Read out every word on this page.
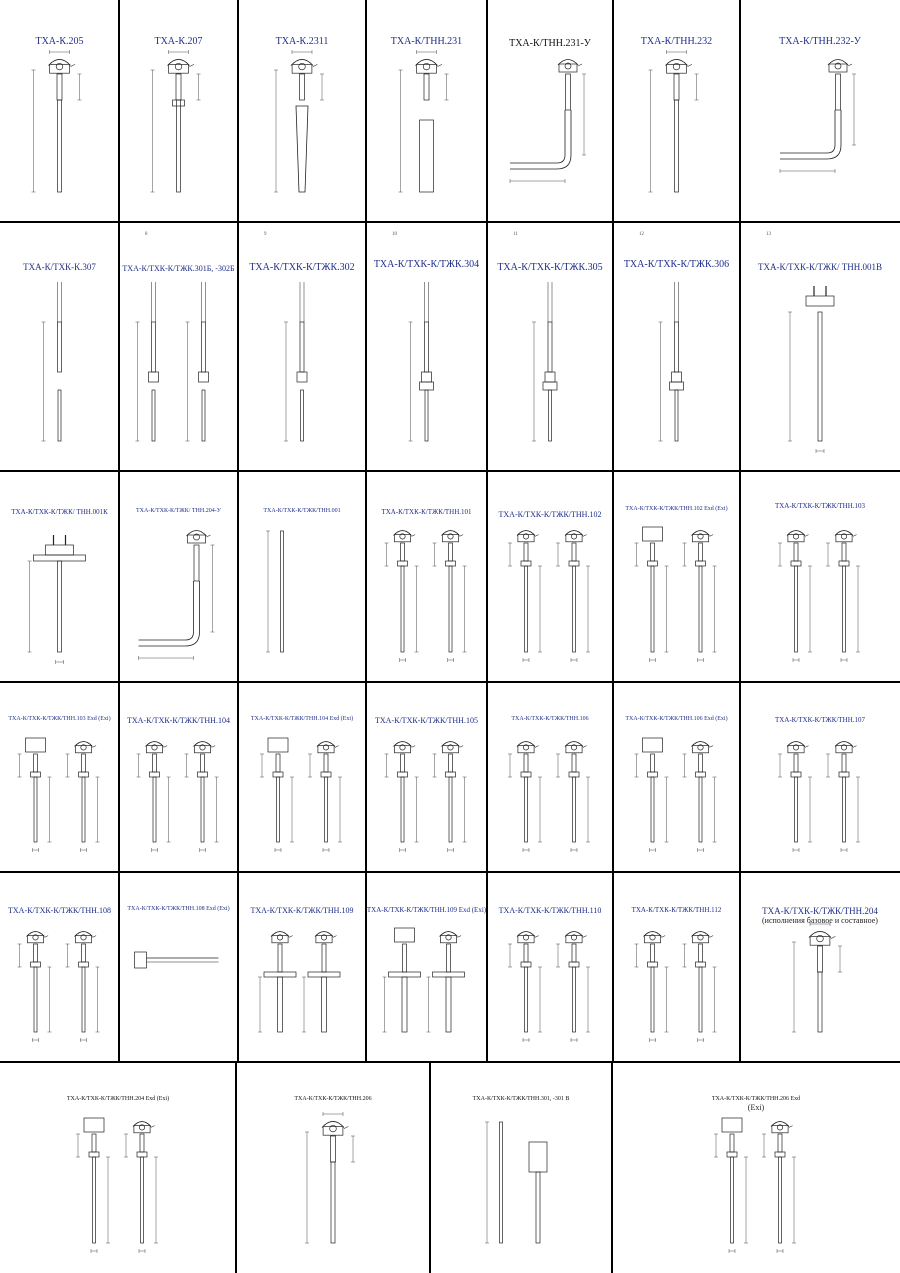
ТХА-К.205	ТХА-К.207	ТХА-К.2311	ТХА-К/ТНН.231	ТХА-К/ТНН.231-У	ТХА-К/ТНН.232	ТХА-К/ТНН.232-У
ТХА-К/ТХК-К.307	ТХА-К/ТХК-К/ТЖК.301Б, -302Б
8
ТХА-К/ТХК-К/ТЖК.302
9
ТХА-К/ТХК-К/ТЖК.304
10
ТХА-К/ТХК-К/ТЖК.305
11
ТХА-К/ТХК-К/ТЖК.306
12
ТХА-К/ТХК-К/ТЖК/ ТНН.001В
13
ТХА-К/ТХК-К/ТЖК/ ТНН.001К	ТХА-К/ТХК-К/ТЖК/ ТНН.204-У	ТХА-К/ТХК-К/ТЖК/ТНН.001	ТХА-К/ТХК-К/ТЖК/ТНН.101	ТХА-К/ТХК-К/ТЖК/ТНН.102
ТХА-К/ТХК-К/ТЖК/ТНН.102 Exd (Exi)	ТХА-К/ТХК-К/ТЖК/ТНН.103
ТХА-К/ТХК-К/ТЖК/ТНН.103 Exd (Exi)	ТХА-К/ТХК-К/ТЖК/ТНН.104	ТХА-К/ТХК-К/ТЖК/ТНН.104 Exd (Exi)	ТХА-К/ТХК-К/ТЖК/ТНН.105	ТХА-К/ТХК-К/ТЖК/ТНН.106	ТХА-К/ТХК-К/ТЖК/ТНН.106 Exd (Exi)	ТХА-К/ТХК-К/ТЖК/ТНН.107
ТХА-К/ТХК-К/ТЖК/ТНН.108	ТХА-К/ТХК-К/ТЖК/ТНН.108 Exd (Exi)	ТХА-К/ТХК-К/ТЖК/ТНН.109	ТХА-К/ТХК-К/ТЖК/ТНН.109 Exd (Exi)	ТХА-К/ТХК-К/ТЖК/ТНН.110	ТХА-К/ТХК-К/ТЖК/ТНН.112	ТХА-К/ТХК-К/ТЖК/ТНН.204
(исполнения базовое и составное)
ТХА-К/ТХК-К/ТЖК/ТНН.204 Exd (Exi)	ТХА-К/ТХК-К/ТЖК/ТНН.206	ТХА-К/ТХК-К/ТЖК/ТНН.301, -301 В	ТХА-К/ТХК-К/ТЖК/ТНН.206 Exd
(Exi)
